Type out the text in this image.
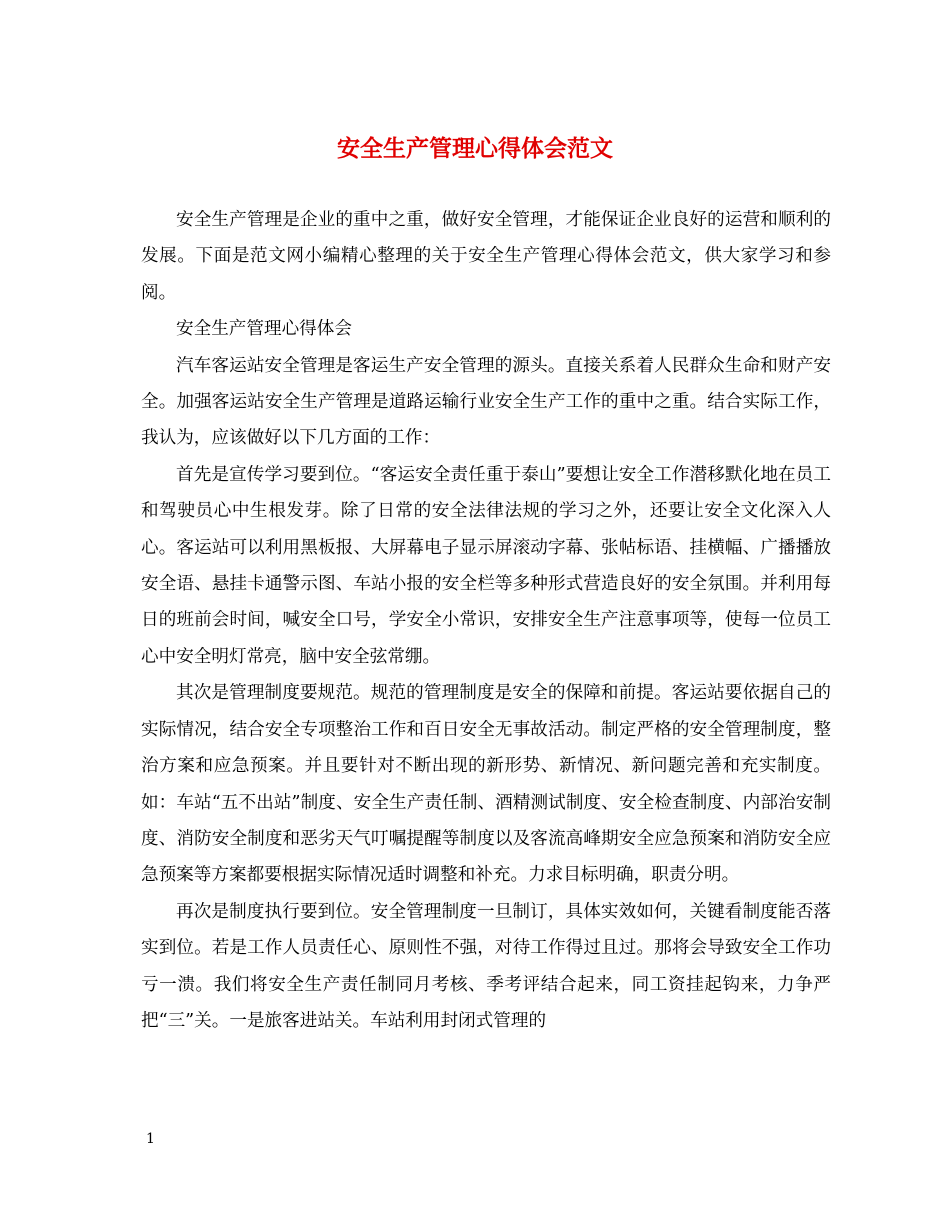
安全生产管理心得体会范文

安全生产管理是企业的重中之重，做好安全管理，才能保证企业良好的运营和顺利的发展。下面是范文网小编精心整理的关于安全生产管理心得体会范文，供大家学习和参阅。

安全生产管理心得体会

汽车客运站安全管理是客运生产安全管理的源头。直接关系着人民群众生命和财产安全。加强客运站安全生产管理是道路运输行业安全生产工作的重中之重。结合实际工作，我认为，应该做好以下几方面的工作：

首先是宣传学习要到位。“客运安全责任重于泰山”要想让安全工作潜移默化地在员工和驾驶员心中生根发芽。除了日常的安全法律法规的学习之外，还要让安全文化深入人心。客运站可以利用黑板报、大屏幕电子显示屏滚动字幕、张帖标语、挂横幅、广播播放安全语、悬挂卡通警示图、车站小报的安全栏等多种形式营造良好的安全氛围。并利用每日的班前会时间，喊安全口号，学安全小常识，安排安全生产注意事项等，使每一位员工心中安全明灯常亮，脑中安全弦常绷。

其次是管理制度要规范。规范的管理制度是安全的保障和前提。客运站要依据自己的实际情况，结合安全专项整治工作和百日安全无事故活动。制定严格的安全管理制度，整治方案和应急预案。并且要针对不断出现的新形势、新情况、新问题完善和充实制度。如：车站“五不出站”制度、安全生产责任制、酒精测试制度、安全检查制度、内部治安制度、消防安全制度和恶劣天气叮嘱提醒等制度以及客流高峰期安全应急预案和消防安全应急预案等方案都要根据实际情况适时调整和补充。力求目标明确，职责分明。

再次是制度执行要到位。安全管理制度一旦制订，具体实效如何，关键看制度能否落实到位。若是工作人员责任心、原则性不强，对待工作得过且过。那将会导致安全工作功亏一溃。我们将安全生产责任制同月考核、季考评结合起来，同工资挂起钩来，力争严把“三”关。一是旅客进站关。车站利用封闭式管理的

1
